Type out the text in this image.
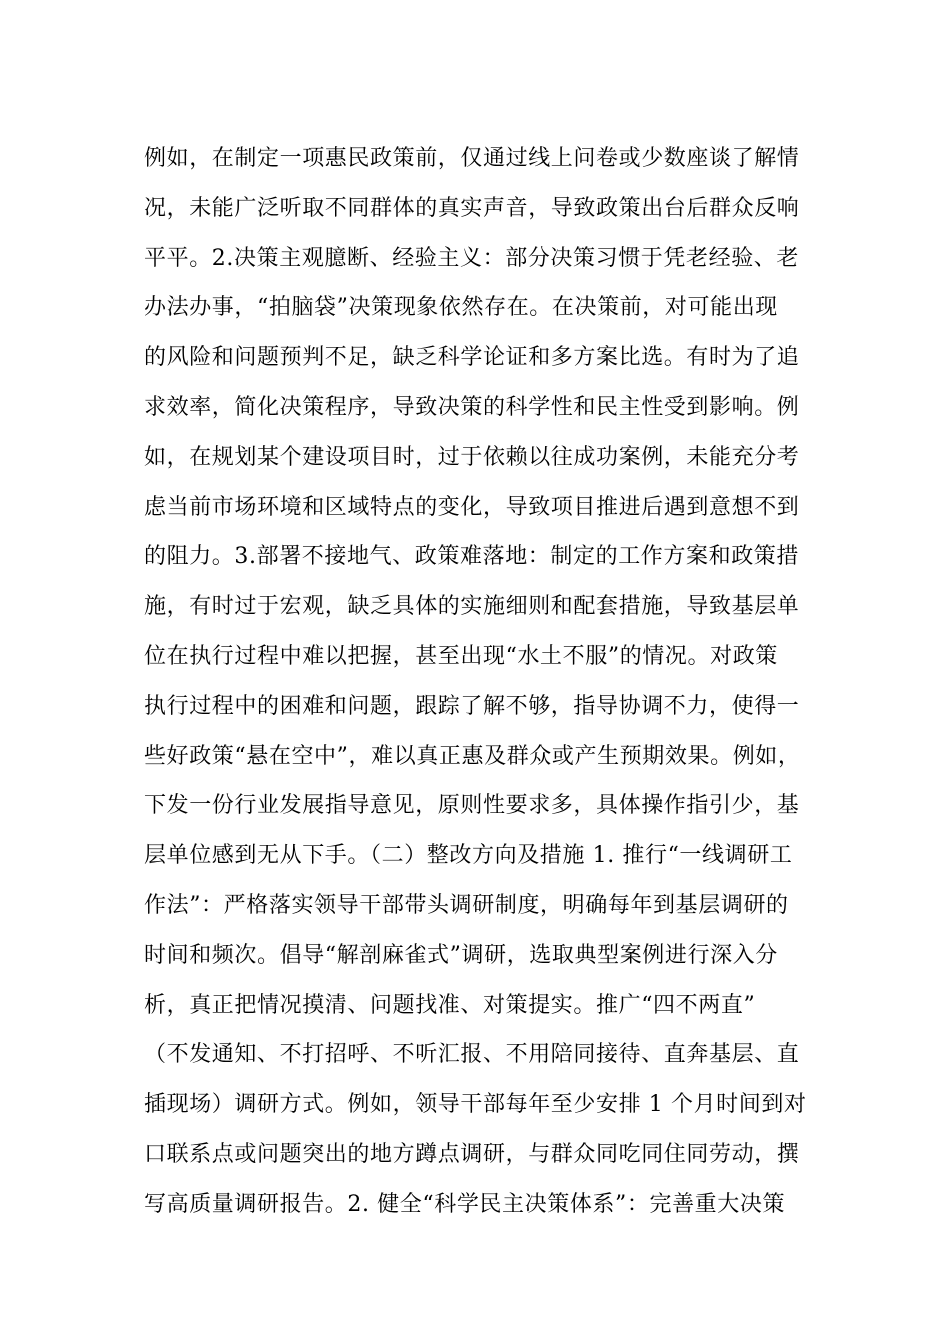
例如，在制定一项惠民政策前，仅通过线上问卷或少数座谈了解情
况，未能广泛听取不同群体的真实声音，导致政策出台后群众反响
平平。2.决策主观臆断、经验主义：部分决策习惯于凭老经验、老
办法办事，“拍脑袋”决策现象依然存在。在决策前，对可能出现
的风险和问题预判不足，缺乏科学论证和多方案比选。有时为了追
求效率，简化决策程序，导致决策的科学性和民主性受到影响。例
如，在规划某个建设项目时，过于依赖以往成功案例，未能充分考
虑当前市场环境和区域特点的变化，导致项目推进后遇到意想不到
的阻力。3.部署不接地气、政策难落地：制定的工作方案和政策措
施，有时过于宏观，缺乏具体的实施细则和配套措施，导致基层单
位在执行过程中难以把握，甚至出现“水土不服”的情况。对政策
执行过程中的困难和问题，跟踪了解不够，指导协调不力，使得一
些好政策“悬在空中”，难以真正惠及群众或产生预期效果。例如，
下发一份行业发展指导意见，原则性要求多，具体操作指引少，基
层单位感到无从下手。（二）整改方向及措施 1. 推行“一线调研工
作法”：严格落实领导干部带头调研制度，明确每年到基层调研的
时间和频次。倡导“解剖麻雀式”调研，选取典型案例进行深入分
析，真正把情况摸清、问题找准、对策提实。推广“四不两直”
（不发通知、不打招呼、不听汇报、不用陪同接待、直奔基层、直
插现场）调研方式。例如，领导干部每年至少安排 1 个月时间到对
口联系点或问题突出的地方蹲点调研，与群众同吃同住同劳动，撰
写高质量调研报告。2. 健全“科学民主决策体系”：完善重大决策
